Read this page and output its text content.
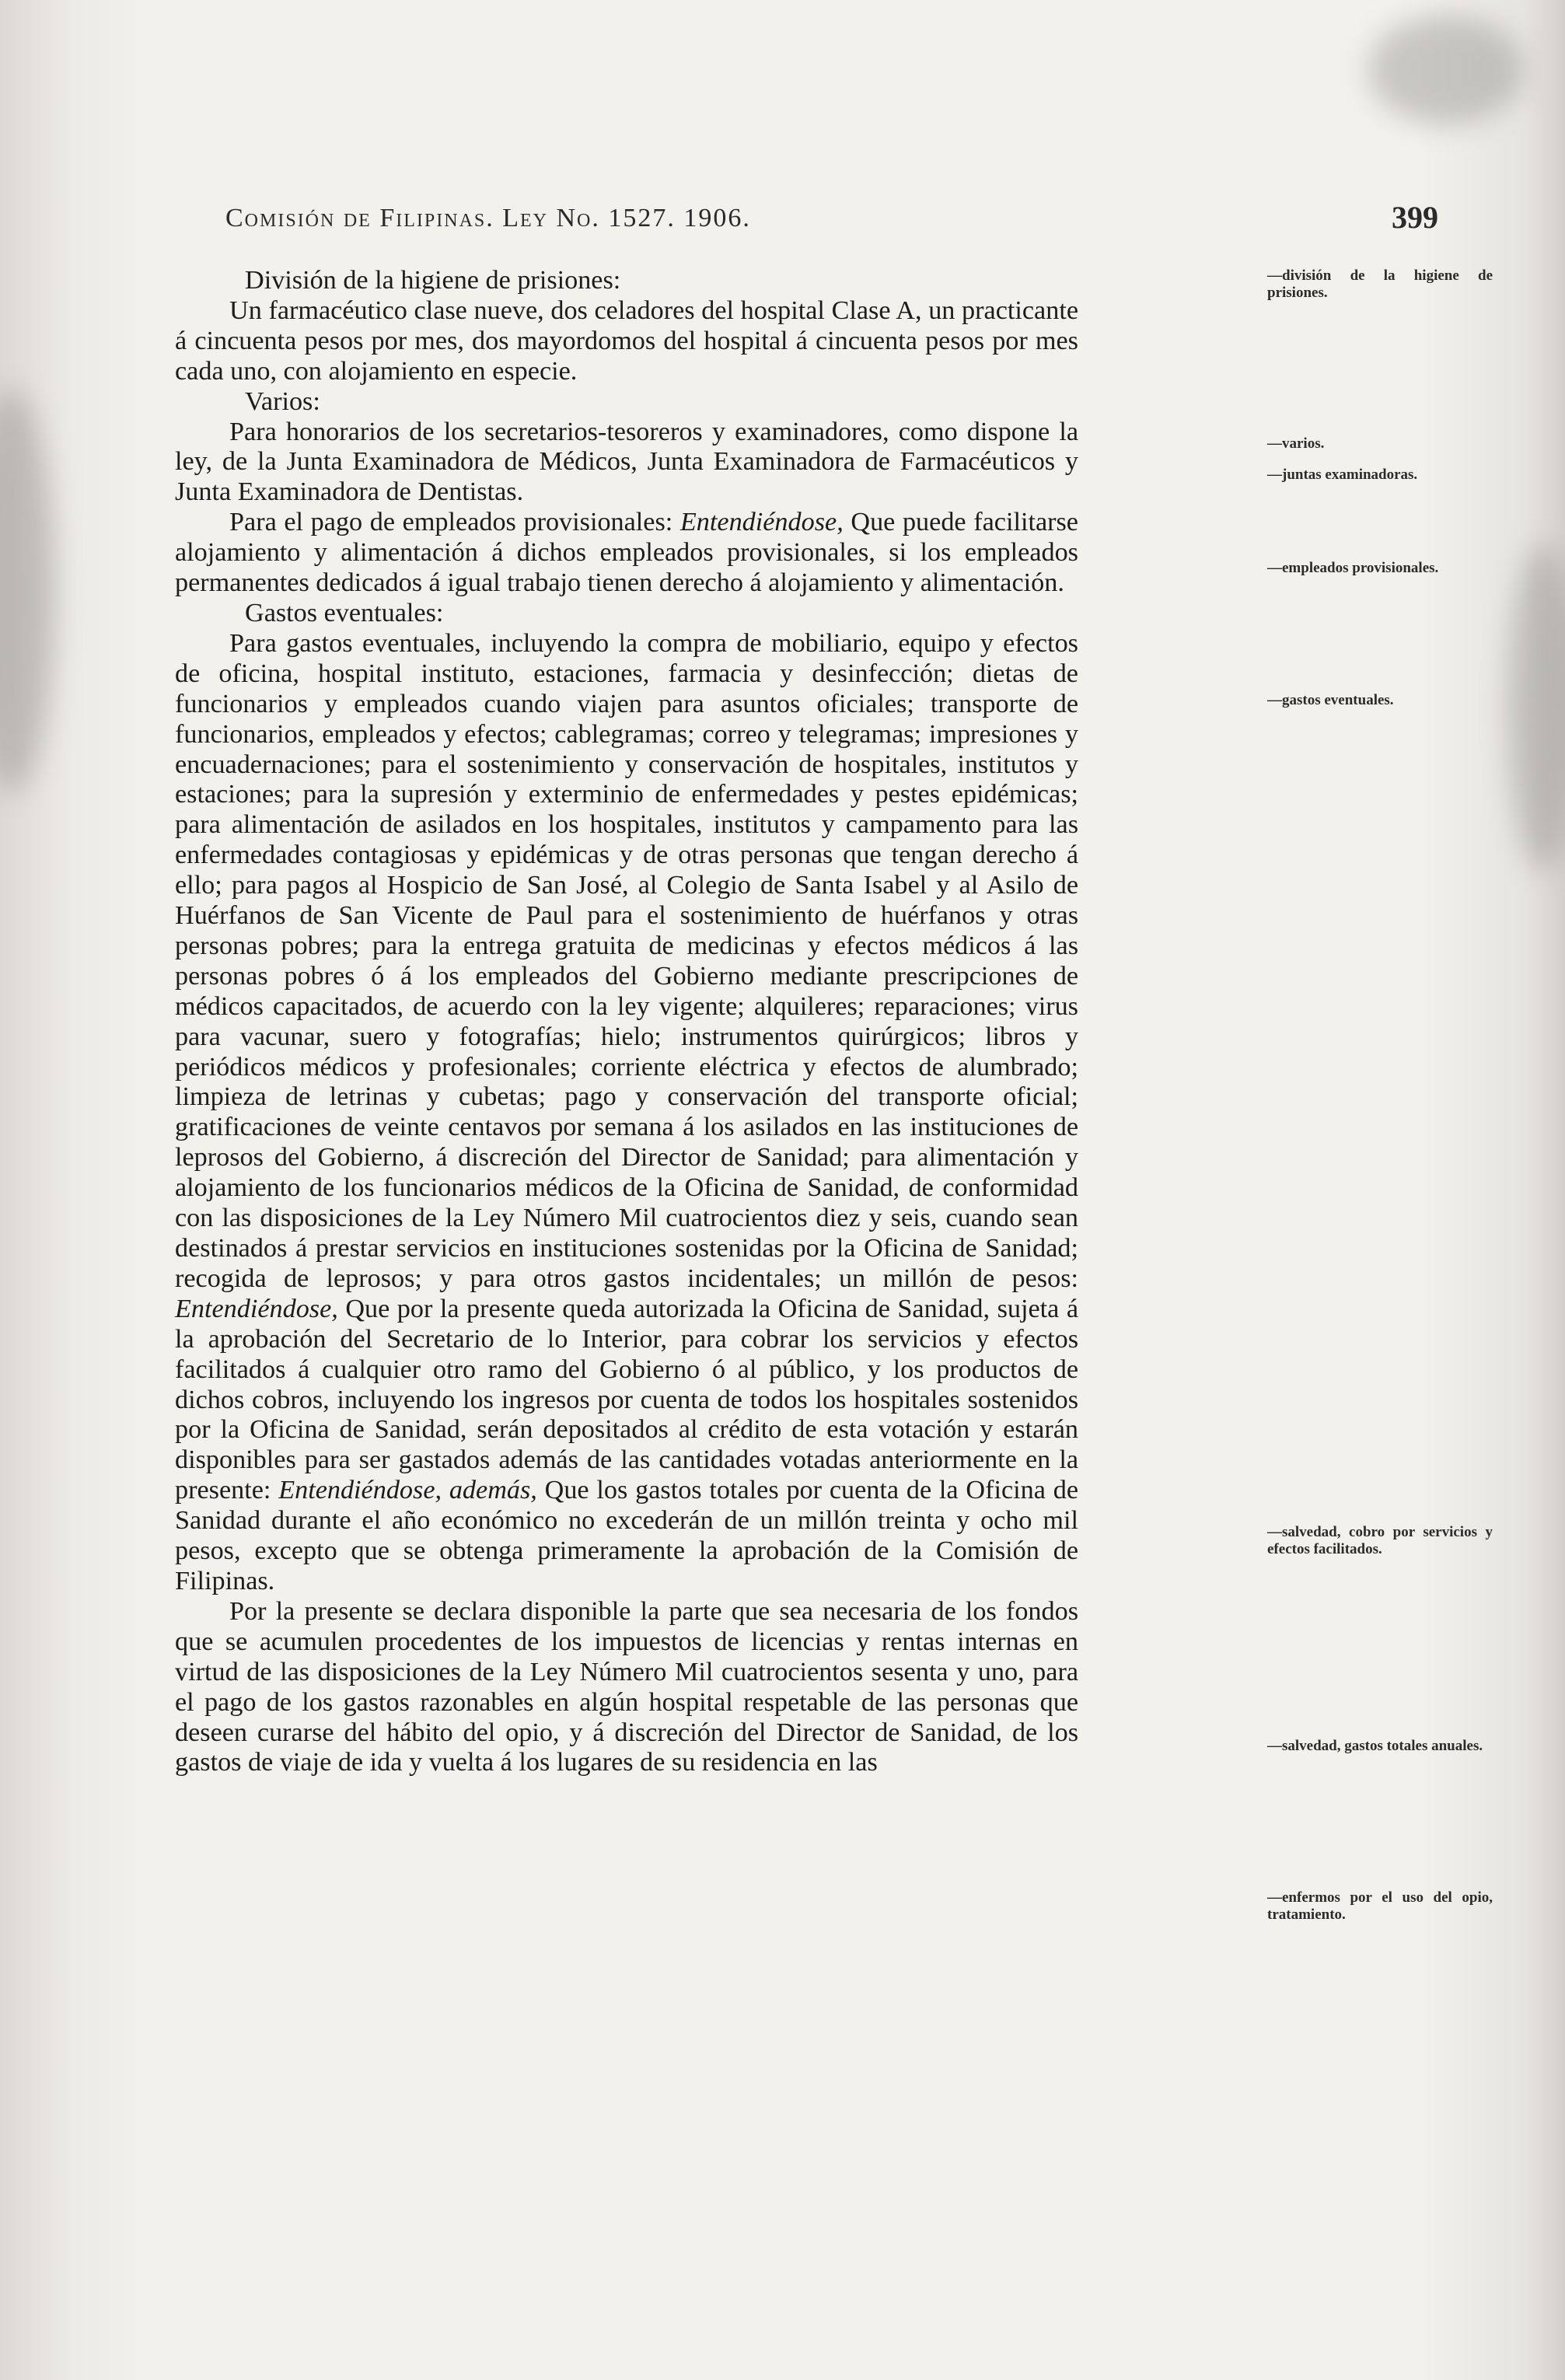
Comisión de Filipinas. Ley No. 1527. 1906.	399

División de la higiene de prisiones:

Un farmacéutico clase nueve, dos celadores del hospital Clase A, un practicante á cincuenta pesos por mes, dos mayordomos del hospital á cincuenta pesos por mes cada uno, con alojamiento en especie.

Varios:

Para honorarios de los secretarios-tesoreros y examinadores, como dispone la ley, de la Junta Examinadora de Médicos, Junta Examinadora de Farmacéuticos y Junta Examinadora de Dentistas.

Para el pago de empleados provisionales: Entendiéndose, Que puede facilitarse alojamiento y alimentación á dichos empleados provisionales, si los empleados permanentes dedicados á igual trabajo tienen derecho á alojamiento y alimentación.

Gastos eventuales:

Para gastos eventuales, incluyendo la compra de mobiliario, equipo y efectos de oficina, hospital instituto, estaciones, farmacia y desinfección; dietas de funcionarios y empleados cuando viajen para asuntos oficiales; transporte de funcionarios, empleados y efectos; cablegramas; correo y telegramas; impresiones y encuadernaciones; para el sostenimiento y conservación de hospitales, institutos y estaciones; para la supresión y exterminio de enfermedades y pestes epidémicas; para alimentación de asilados en los hospitales, institutos y campamento para las enfermedades contagiosas y epidémicas y de otras personas que tengan derecho á ello; para pagos al Hospicio de San José, al Colegio de Santa Isabel y al Asilo de Huérfanos de San Vicente de Paul para el sostenimiento de huérfanos y otras personas pobres; para la entrega gratuita de medicinas y efectos médicos á las personas pobres ó á los empleados del Gobierno mediante prescripciones de médicos capacitados, de acuerdo con la ley vigente; alquileres; reparaciones; virus para vacunar, suero y fotografías; hielo; instrumentos quirúrgicos; libros y periódicos médicos y profesionales; corriente eléctrica y efectos de alumbrado; limpieza de letrinas y cubetas; pago y conservación del transporte oficial; gratificaciones de veinte centavos por semana á los asilados en las instituciones de leprosos del Gobierno, á discreción del Director de Sanidad; para alimentación y alojamiento de los funcionarios médicos de la Oficina de Sanidad, de conformidad con las disposiciones de la Ley Número Mil cuatrocientos diez y seis, cuando sean destinados á prestar servicios en instituciones sostenidas por la Oficina de Sanidad; recogida de leprosos; y para otros gastos incidentales; un millón de pesos: Entendiéndose, Que por la presente queda autorizada la Oficina de Sanidad, sujeta á la aprobación del Secretario de lo Interior, para cobrar los servicios y efectos facilitados á cualquier otro ramo del Gobierno ó al público, y los productos de dichos cobros, incluyendo los ingresos por cuenta de todos los hospitales sostenidos por la Oficina de Sanidad, serán depositados al crédito de esta votación y estarán disponibles para ser gastados además de las cantidades votadas anteriormente en la presente: Entendiéndose, además, Que los gastos totales por cuenta de la Oficina de Sanidad durante el año económico no excederán de un millón treinta y ocho mil pesos, excepto que se obtenga primeramente la aprobación de la Comisión de Filipinas.

Por la presente se declara disponible la parte que sea necesaria de los fondos que se acumulen procedentes de los impuestos de licencias y rentas internas en virtud de las disposiciones de la Ley Número Mil cuatrocientos sesenta y uno, para el pago de los gastos razonables en algún hospital respetable de las personas que deseen curarse del hábito del opio, y á discreción del Director de Sanidad, de los gastos de viaje de ida y vuelta á los lugares de su residencia en las

—división de la higiene de prisiones.
—varios.
—juntas examinadoras.
—empleados provisionales.
—gastos eventuales.
—salvedad, cobro por servicios y efectos facilitados.
—salvedad, gastos totales anuales.
—enfermos por el uso del opio, tratamiento.
